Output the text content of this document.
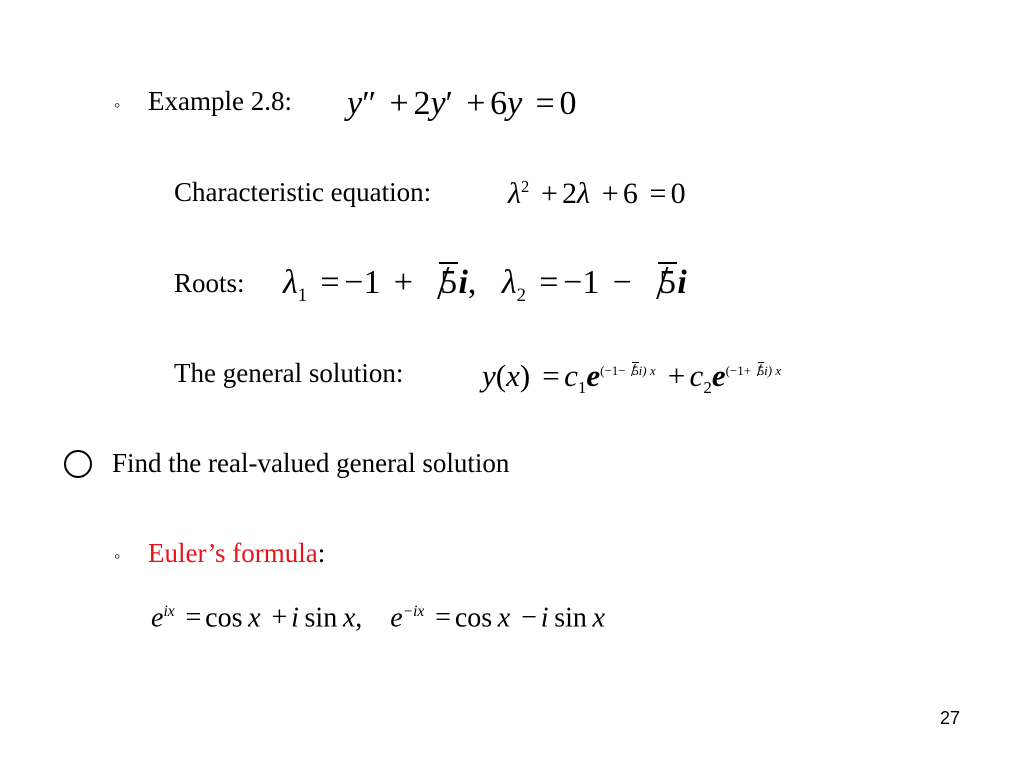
◦ Example 2.8: y″ + 2y′ + 6y = 0
Characteristic equation:	$\lambda^2 + 2\lambda + 6 = 0$
Roots: $\lambda_1 = -1 + 5i$, $\lambda_2 = -1 - 5i$
The general solution:	$y(x) = c_1e^{(-1- 5i) x} + c_2e^{(-1+ 5i) x}$
Find the real-valued general solution
◦ Euler’s formula:
$e^{ix} = \cos x + i$  sin  x, $e^{-ix} = \cos x - i$  sin  x
27
